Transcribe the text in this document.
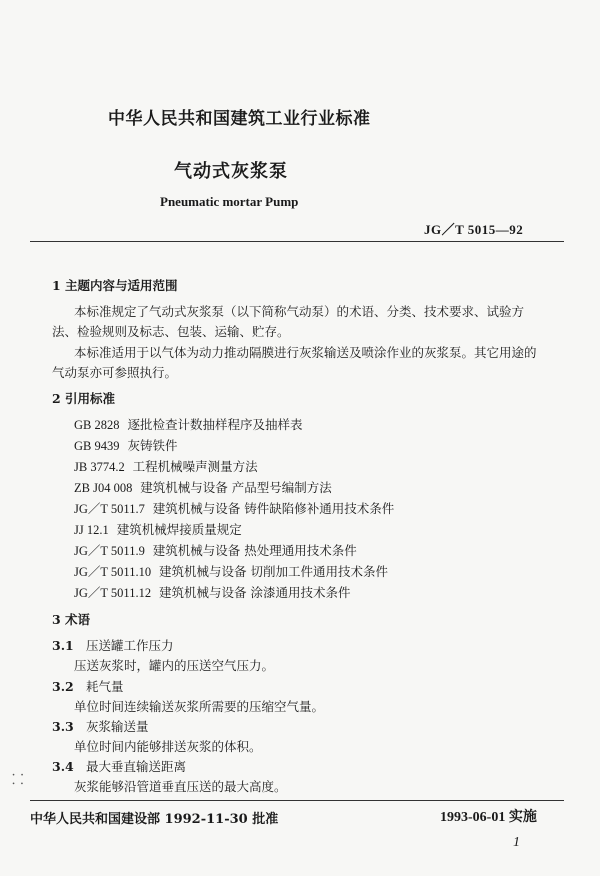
中华人民共和国建筑工业行业标准
气动式灰浆泵
Pneumatic mortar Pump
JG／T 5015—92
1 主题内容与适用范围
本标准规定了气动式灰浆泵（以下简称气动泵）的术语、分类、技术要求、试验方
法、检验规则及标志、包装、运输、贮存。
本标准适用于以气体为动力推动隔膜进行灰浆输送及喷涂作业的灰浆泵。其它用途的
气动泵亦可参照执行。
2 引用标准
GB 2828 逐批检查计数抽样程序及抽样表
GB 9439 灰铸铁件
JB 3774.2 工程机械噪声测量方法
ZB J04 008 建筑机械与设备 产品型号编制方法
JG／T 5011.7 建筑机械与设备 铸件缺陷修补通用技术条件
JJ 12.1 建筑机械焊接质量规定
JG／T 5011.9 建筑机械与设备 热处理通用技术条件
JG／T 5011.10 建筑机械与设备 切削加工件通用技术条件
JG／T 5011.12 建筑机械与设备 涂漆通用技术条件
3 术语
3.1 压送罐工作压力
压送灰浆时，罐内的压送空气压力。
3.2 耗气量
单位时间连续输送灰浆所需要的压缩空气量。
3.3 灰浆输送量
单位时间内能够排送灰浆的体积。
3.4 最大垂直输送距离
灰浆能够沿管道垂直压送的最大高度。
中华人民共和国建设部 1992-11-30 批准	1993-06-01 实施
1
⸬
